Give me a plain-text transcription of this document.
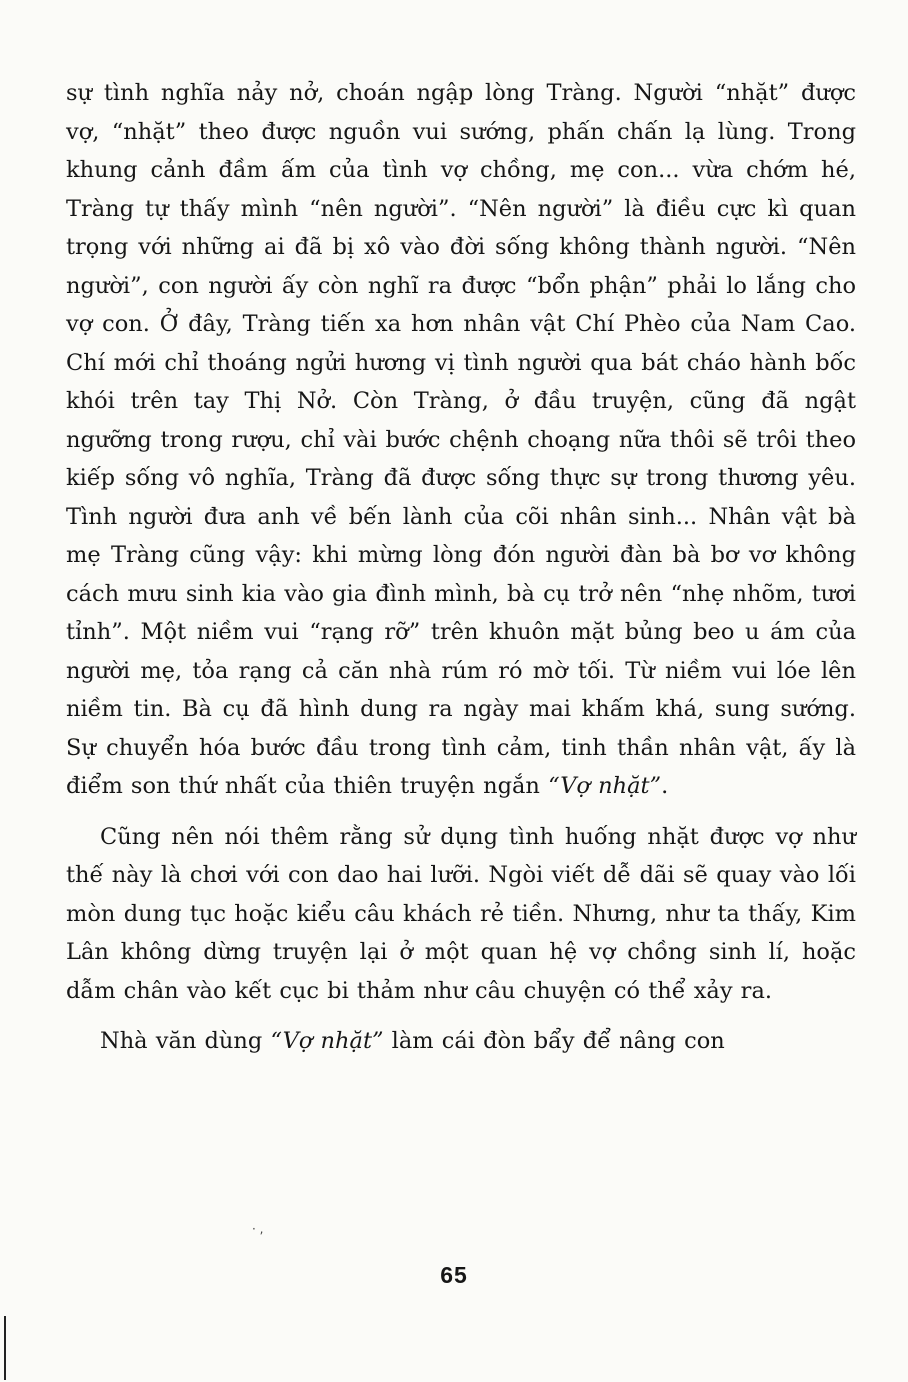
sự tình nghĩa nảy nở, choán ngập lòng Tràng. Người “nhặt” được vợ, “nhặt” theo được nguồn vui sướng, phấn chấn lạ lùng. Trong khung cảnh đầm ấm của tình vợ chồng, mẹ con... vừa chớm hé, Tràng tự thấy mình “nên người”. “Nên người” là điều cực kì quan trọng với những ai đã bị xô vào đời sống không thành người. “Nên người”, con người ấy còn nghĩ ra được “bổn phận” phải lo lắng cho vợ con. Ở đây, Tràng tiến xa hơn nhân vật Chí Phèo của Nam Cao. Chí mới chỉ thoáng ngửi hương vị tình người qua bát cháo hành bốc khói trên tay Thị Nở. Còn Tràng, ở đầu truyện, cũng đã ngật ngưỡng trong rượu, chỉ vài bước chệnh choạng nữa thôi sẽ trôi theo kiếp sống vô nghĩa, Tràng đã được sống thực sự trong thương yêu. Tình người đưa anh về bến lành của cõi nhân sinh... Nhân vật bà mẹ Tràng cũng vậy: khi mừng lòng đón người đàn bà bơ vơ không cách mưu sinh kia vào gia đình mình, bà cụ trở nên “nhẹ nhõm, tươi tỉnh”. Một niềm vui “rạng rỡ” trên khuôn mặt bủng beo u ám của người mẹ, tỏa rạng cả căn nhà rúm ró mờ tối. Từ niềm vui lóe lên niềm tin. Bà cụ đã hình dung ra ngày mai khấm khá, sung sướng. Sự chuyển hóa bước đầu trong tình cảm, tinh thần nhân vật, ấy là điểm son thứ nhất của thiên truyện ngắn “Vợ nhặt”.

Cũng nên nói thêm rằng sử dụng tình huống nhặt được vợ như thế này là chơi với con dao hai lưỡi. Ngòi viết dễ dãi sẽ quay vào lối mòn dung tục hoặc kiểu câu khách rẻ tiền. Nhưng, như ta thấy, Kim Lân không dừng truyện lại ở một quan hệ vợ chồng sinh lí, hoặc dẫm chân vào kết cục bi thảm như câu chuyện có thể xảy ra.

Nhà văn dùng “Vợ nhặt” làm cái đòn bẩy để nâng con

· ,
65
